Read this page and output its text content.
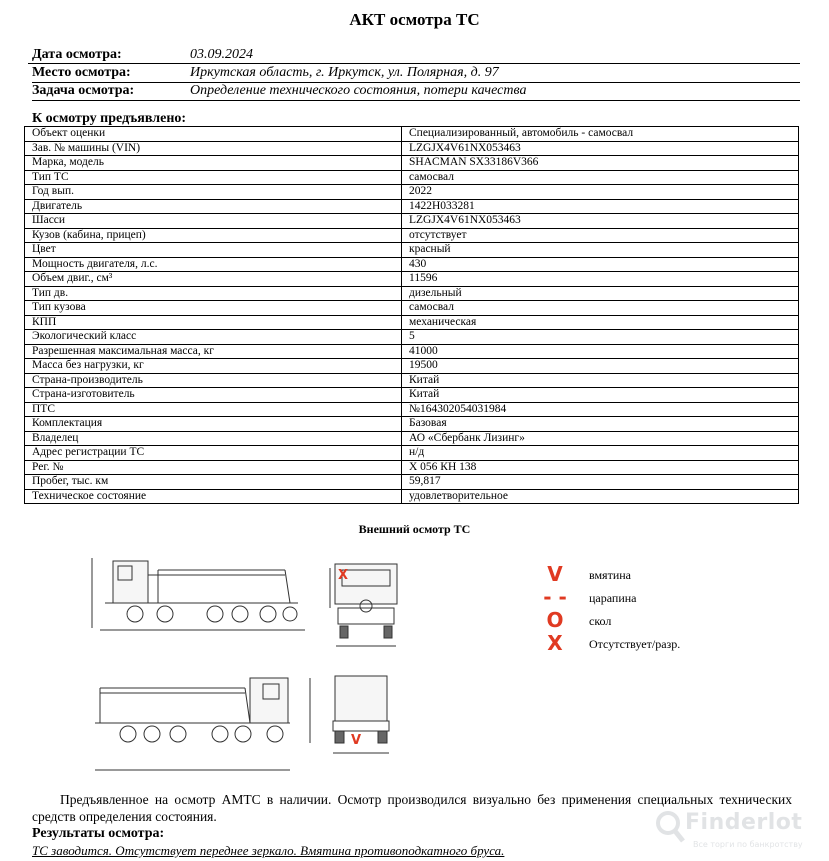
АКТ осмотра ТС
Дата осмотра:	03.09.2024
Место осмотра:	Иркутская область, г. Иркутск, ул. Полярная, д. 97
Задача осмотра:	Определение технического состояния, потери качества
К осмотру предъявлено:
Объект оценки	Специализированный, автомобиль - самосвал
Зав. № машины (VIN)	LZGJX4V61NX053463
Марка, модель	SHACMAN SX33186V366
Тип ТС	самосвал
Год вып.	2022
Двигатель	1422H033281
Шасси	LZGJX4V61NX053463
Кузов (кабина, прицеп)	отсутствует
Цвет	красный
Мощность двигателя, л.с.	430
Объем двиг., см³	11596
Тип дв.	дизельный
Тип кузова	самосвал
КПП	механическая
Экологический класс	5
Разрешенная максимальная масса, кг	41000
Масса без нагрузки, кг	19500
Страна-производитель	Китай
Страна-изготовитель	Китай
ПТС	№164302054031984
Комплектация	Базовая
Владелец	АО «Сбербанк Лизинг»
Адрес регистрации ТС	н/д
Рег. №	Х 056 КН 138
Пробег, тыс. км	59,817
Техническое состояние	удовлетворительное
Внешний осмотр ТС
X
V
V	вмятина
- -	царапина
O	скол
X	Отсутствует/разр.
Предъявленное на осмотр АМТС в наличии. Осмотр производился визуально без применения специальных технических средств определения состояния.
Результаты осмотра:
ТС заводится. Отсутствует переднее зеркало. Вмятина противоподкатного бруса.
Finderlot
Все торги по банкротству
